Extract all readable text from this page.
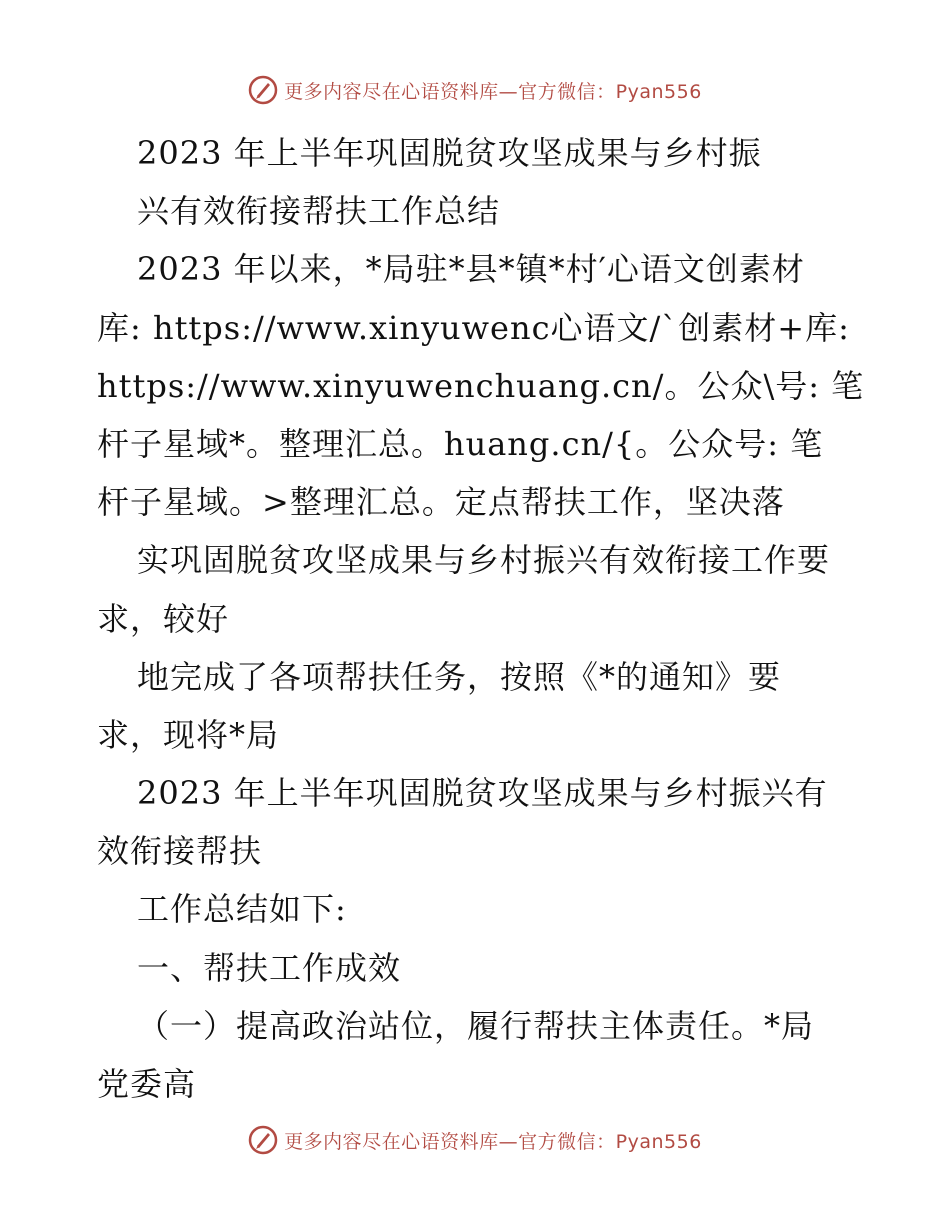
更多内容尽在心语资料库—官方微信：Pyan556
2023 年上半年巩固脱贫攻坚成果与乡村振
兴有效衔接帮扶工作总结
2023 年以来，*局驻*县*镇*村′心语文创素材
库: https://www.xinyuwenc心语文/`创素材+库:
https://www.xinyuwenchuang.cn/。公众\号: 笔
杆子星域*。整理汇总。huang.cn/{。公众号: 笔
杆子星域。>整理汇总。定点帮扶工作，坚决落
实巩固脱贫攻坚成果与乡村振兴有效衔接工作要
求，较好
地完成了各项帮扶任务，按照《*的通知》要
求，现将*局
2023 年上半年巩固脱贫攻坚成果与乡村振兴有
效衔接帮扶
工作总结如下:
一、帮扶工作成效
（一）提高政治站位，履行帮扶主体责任。*局
党委高
更多内容尽在心语资料库—官方微信：Pyan556
